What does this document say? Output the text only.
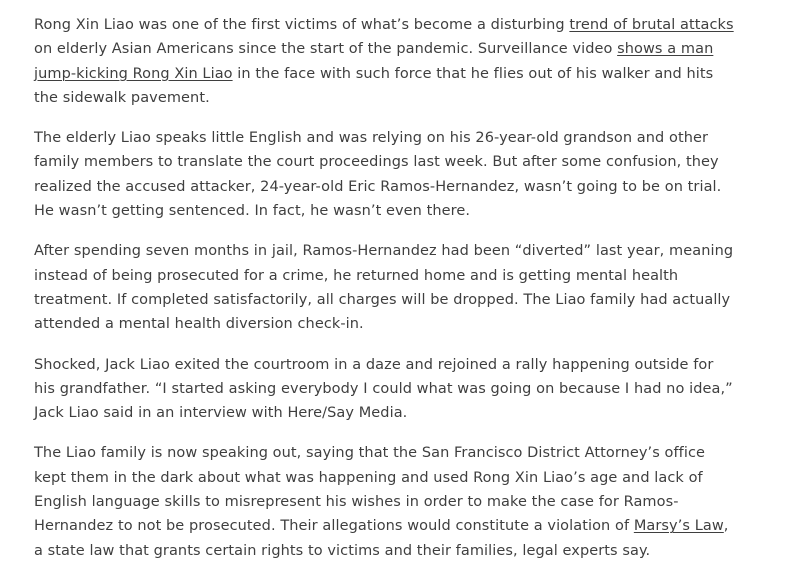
Rong Xin Liao was one of the first victims of what’s become a disturbing trend of brutal attacks on elderly Asian Americans since the start of the pandemic. Surveillance video shows a man jump-kicking Rong Xin Liao in the face with such force that he flies out of his walker and hits the sidewalk pavement.

The elderly Liao speaks little English and was relying on his 26-year-old grandson and other family members to translate the court proceedings last week. But after some confusion, they realized the accused attacker, 24-year-old Eric Ramos-Hernandez, wasn’t going to be on trial. He wasn’t getting sentenced. In fact, he wasn’t even there.

After spending seven months in jail, Ramos-Hernandez had been “diverted” last year, meaning instead of being prosecuted for a crime, he returned home and is getting mental health treatment. If completed satisfactorily, all charges will be dropped. The Liao family had actually attended a mental health diversion check-in.

Shocked, Jack Liao exited the courtroom in a daze and rejoined a rally happening outside for his grandfather. “I started asking everybody I could what was going on because I had no idea,” Jack Liao said in an interview with Here/Say Media.

The Liao family is now speaking out, saying that the San Francisco District Attorney’s office kept them in the dark about what was happening and used Rong Xin Liao’s age and lack of English language skills to misrepresent his wishes in order to make the case for Ramos-Hernandez to not be prosecuted. Their allegations would constitute a violation of Marsy’s Law, a state law that grants certain rights to victims and their families, legal experts say.
